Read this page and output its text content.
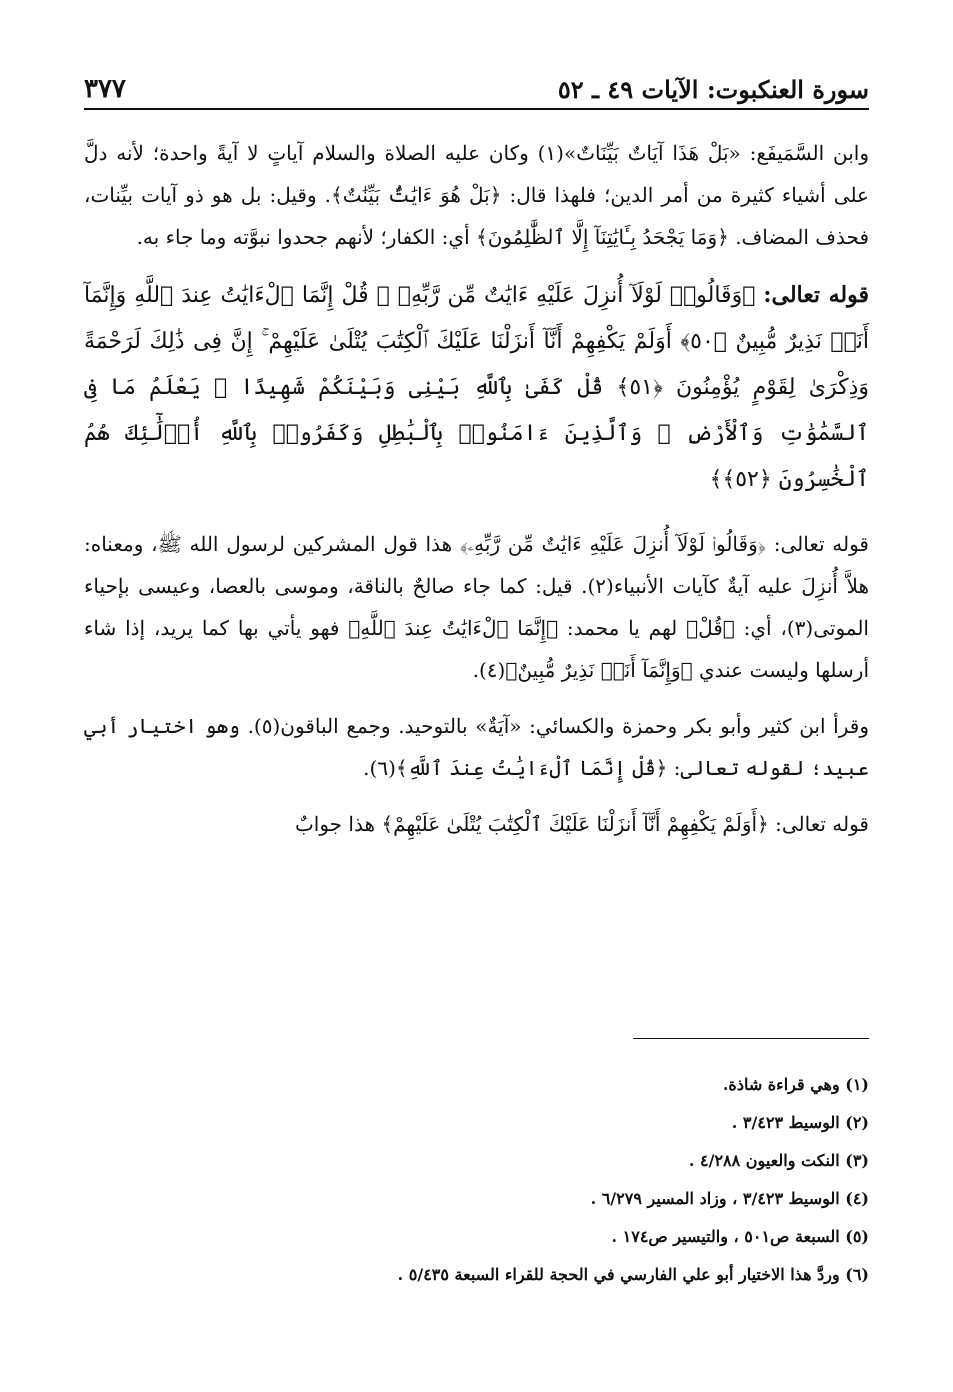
سورة العنكبوت: الآيات ٤٩ ـ ٥٢
٣٧٧

وابن السَّمَيفَع: «بَلْ هَذَا آيَاتٌ بَيِّنَاتٌ»(١) وكان عليه الصلاة والسلام آياتٍ لا آيةً واحدة؛ لأنه دلَّ على أشياء كثيرة من أمر الدين؛ فلهذا قال: ﴿بَلْ هُوَ ءَايَٰتٌۢ بَيِّنَٰتٌ﴾. وقيل: بل هو ذو آيات بيِّنات، فحذف المضاف. ﴿وَمَا يَجْحَدُ بِـَٔايَٰتِنَآ إِلَّا ٱلظَّٰلِمُونَ﴾ أي: الكفار؛ لأنهم جحدوا نبوَّته وما جاء به.

قوله تعالى: ﴿وَقَالُوا۟ لَوْلَآ أُنزِلَ عَلَيْهِ ءَايَٰتٌ مِّن رَّبِّهِۦ ۖ قُلْ إِنَّمَا ٱلْءَايَٰتُ عِندَ ٱللَّهِ وَإِنَّمَآ أَنَا۠ نَذِيرٌ مُّبِينٌ ﴿٥٠﴾ أَوَلَمْ يَكْفِهِمْ أَنَّآ أَنزَلْنَا عَلَيْكَ ٱلْكِتَٰبَ يُتْلَىٰ عَلَيْهِمْ ۚ إِنَّ فِى ذَٰلِكَ لَرَحْمَةً وَذِكْرَىٰ لِقَوْمٍ يُؤْمِنُونَ ﴿٥١﴾ قُلْ كَفَىٰ بِٱللَّهِ بَيْنِى وَبَيْنَكُمْ شَهِيدًا ۖ يَعْلَمُ مَا فِى ٱلسَّمَٰوَٰتِ وَٱلْأَرْضِ ۗ وَٱلَّذِينَ ءَامَنُوا۟ بِٱلْبَٰطِلِ وَكَفَرُوا۟ بِٱللَّهِ أُو۟لَٰٓئِكَ هُمُ ٱلْخَٰسِرُونَ ﴿٥٢﴾﴾

قوله تعالى: ﴿وَقَالُوا۟ لَوْلَآ أُنزِلَ عَلَيْهِ ءَايَٰتٌ مِّن رَّبِّهِۦ﴾ هذا قول المشركين لرسول الله ﷺ، ومعناه: هلاَّ أُنزِلَ عليه آيةٌ كآيات الأنبياء(٢). قيل: كما جاء صالحٌ بالناقة، وموسى بالعصا، وعيسى بإحياء الموتى(٣)، أي: ﴿قُلْ﴾ لهم يا محمد: ﴿إِنَّمَا ٱلْءَايَٰتُ عِندَ ٱللَّهِ﴾ فهو يأتي بها كما يريد، إذا شاء أرسلها وليست عندي ﴿وَإِنَّمَآ أَنَا۠ نَذِيرٌ مُّبِينٌ﴾(٤).

وقرأ ابن كثير وأبو بكر وحمزة والكسائي: «آيَةٌ» بالتوحيد. وجمع الباقون(٥). وهو اختيار أبي عبيد؛ لقوله تعالى: ﴿قُلْ إِنَّمَا ٱلْءَايَٰتُ عِندَ ٱللَّهِ﴾(٦).

قوله تعالى: ﴿أَوَلَمْ يَكْفِهِمْ أَنَّآ أَنزَلْنَا عَلَيْكَ ٱلْكِتَٰبَ يُتْلَىٰ عَلَيْهِمْ﴾ هذا جوابٌ

(١) وهي قراءة شاذة.
(٢) الوسيط ٣/٤٢٣ .
(٣) النكت والعيون ٤/٢٨٨ .
(٤) الوسيط ٣/٤٢٣ ، وزاد المسير ٦/٢٧٩ .
(٥) السبعة ص٥٠١ ، والتيسير ص١٧٤ .
(٦) وردَّ هذا الاختيار أبو علي الفارسي في الحجة للقراء السبعة ٥/٤٣٥ .
